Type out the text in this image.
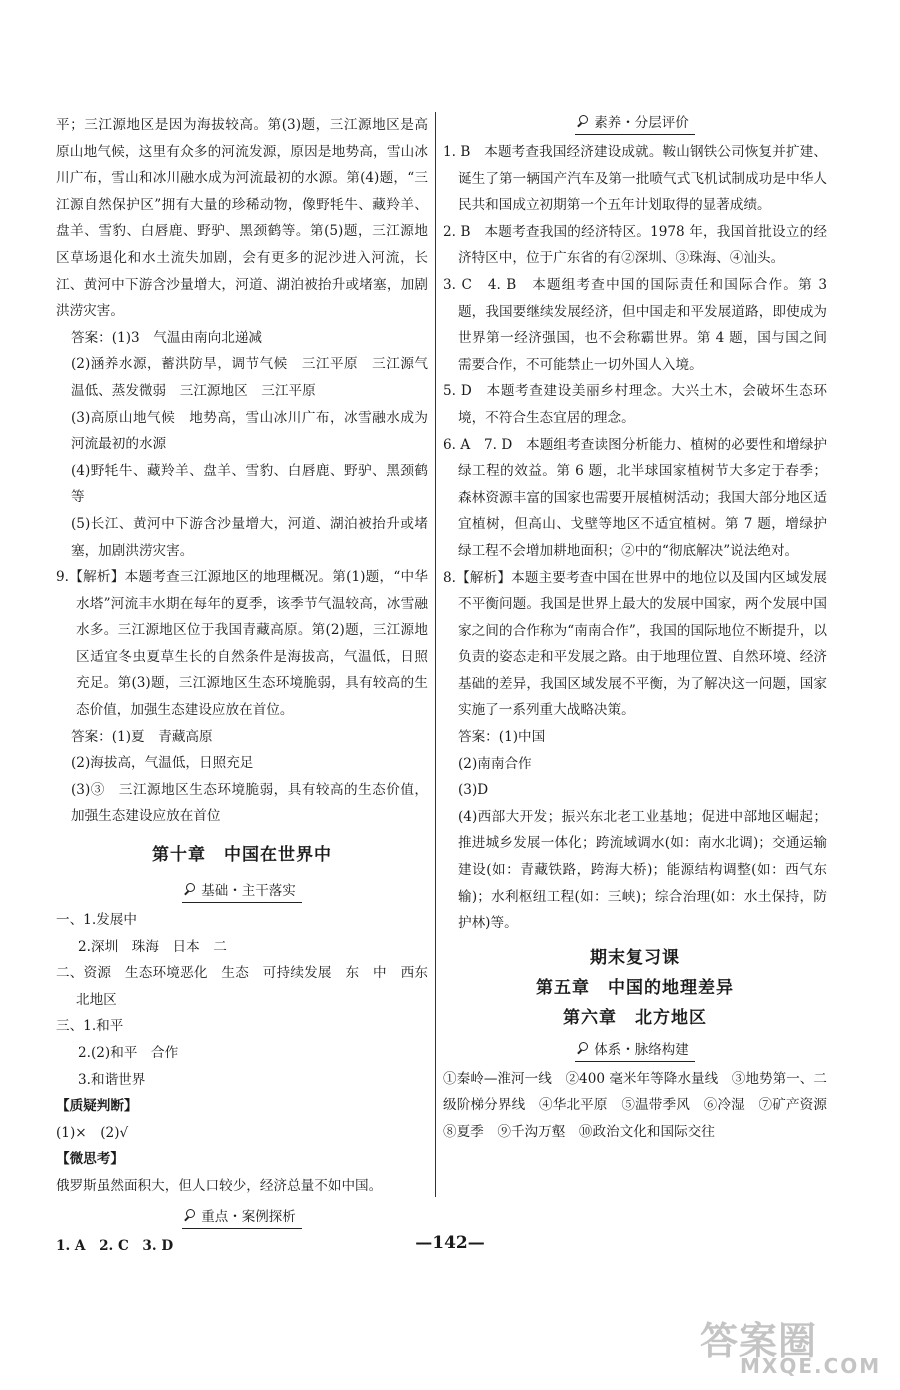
平；三江源地区是因为海拔较高。第(3)题，三江源地区是高原山地气候，这里有众多的河流发源，原因是地势高，雪山冰川广布，雪山和冰川融水成为河流最初的水源。第(4)题，“三江源自然保护区”拥有大量的珍稀动物，像野牦牛、藏羚羊、盘羊、雪豹、白唇鹿、野驴、黑颈鹤等。第(5)题，三江源地区草场退化和水土流失加剧，会有更多的泥沙进入河流，长江、黄河中下游含沙量增大，河道、湖泊被抬升或堵塞，加剧洪涝灾害。

答案：(1)3　气温由南向北递减

(2)涵养水源，蓄洪防旱，调节气候　三江平原　三江源气温低、蒸发微弱　三江源地区　三江平原

(3)高原山地气候　地势高，雪山冰川广布，冰雪融水成为河流最初的水源

(4)野牦牛、藏羚羊、盘羊、雪豹、白唇鹿、野驴、黑颈鹤等

(5)长江、黄河中下游含沙量增大，河道、湖泊被抬升或堵塞，加剧洪涝灾害。

9.【解析】本题考查三江源地区的地理概况。第(1)题，“中华水塔”河流丰水期在每年的夏季，该季节气温较高，冰雪融水多。三江源地区位于我国青藏高原。第(2)题，三江源地区适宜冬虫夏草生长的自然条件是海拔高，气温低，日照充足。第(3)题，三江源地区生态环境脆弱，具有较高的生态价值，加强生态建设应放在首位。

答案：(1)夏　青藏高原

(2)海拔高，气温低，日照充足

(3)③　三江源地区生态环境脆弱，具有较高的生态价值，加强生态建设应放在首位

第十章　中国在世界中
基础・主干落实

一、1.发展中

2.深圳　珠海　日本　二

二、资源　生态环境恶化　生态　可持续发展　东　中　西东北地区

三、1.和平

2.(2)和平　合作

3.和谐世界

【质疑判断】

(1)×　(2)√

【微思考】

俄罗斯虽然面积大，但人口较少，经济总量不如中国。

重点・案例探析

1. A　2. C　3. D

素养・分层评价

1. B　本题考查我国经济建设成就。鞍山钢铁公司恢复并扩建、诞生了第一辆国产汽车及第一批喷气式飞机试制成功是中华人民共和国成立初期第一个五年计划取得的显著成绩。

2. B　本题考查我国的经济特区。1978 年，我国首批设立的经济特区中，位于广东省的有②深圳、③珠海、④汕头。

3. C　4. B　本题组考查中国的国际责任和国际合作。第 3 题，我国要继续发展经济，但中国走和平发展道路，即使成为世界第一经济强国，也不会称霸世界。第 4 题，国与国之间需要合作，不可能禁止一切外国人入境。

5. D　本题考查建设美丽乡村理念。大兴土木，会破坏生态环境，不符合生态宜居的理念。

6. A　7. D　本题组考查读图分析能力、植树的必要性和增绿护绿工程的效益。第 6 题，北半球国家植树节大多定于春季；森林资源丰富的国家也需要开展植树活动；我国大部分地区适宜植树，但高山、戈壁等地区不适宜植树。第 7 题，增绿护绿工程不会增加耕地面积；②中的“彻底解决”说法绝对。

8.【解析】本题主要考查中国在世界中的地位以及国内区域发展不平衡问题。我国是世界上最大的发展中国家，两个发展中国家之间的合作称为“南南合作”，我国的国际地位不断提升，以负责的姿态走和平发展之路。由于地理位置、自然环境、经济基础的差异，我国区域发展不平衡，为了解决这一问题，国家实施了一系列重大战略决策。

答案：(1)中国

(2)南南合作

(3)D

(4)西部大开发；振兴东北老工业基地；促进中部地区崛起；推进城乡发展一体化；跨流域调水(如：南水北调)；交通运输建设(如：青藏铁路，跨海大桥)；能源结构调整(如：西气东输)；水利枢纽工程(如：三峡)；综合治理(如：水土保持，防护林)等。

期末复习课
第五章　中国的地理差异
第六章　北方地区
体系・脉络构建

①秦岭—淮河一线　②400 毫米年等降水量线　③地势第一、二级阶梯分界线　④华北平原　⑤温带季风　⑥冷湿　⑦矿产资源　⑧夏季　⑨千沟万壑　⑩政治文化和国际交往

—142—
答案圈
MXQE.COM
